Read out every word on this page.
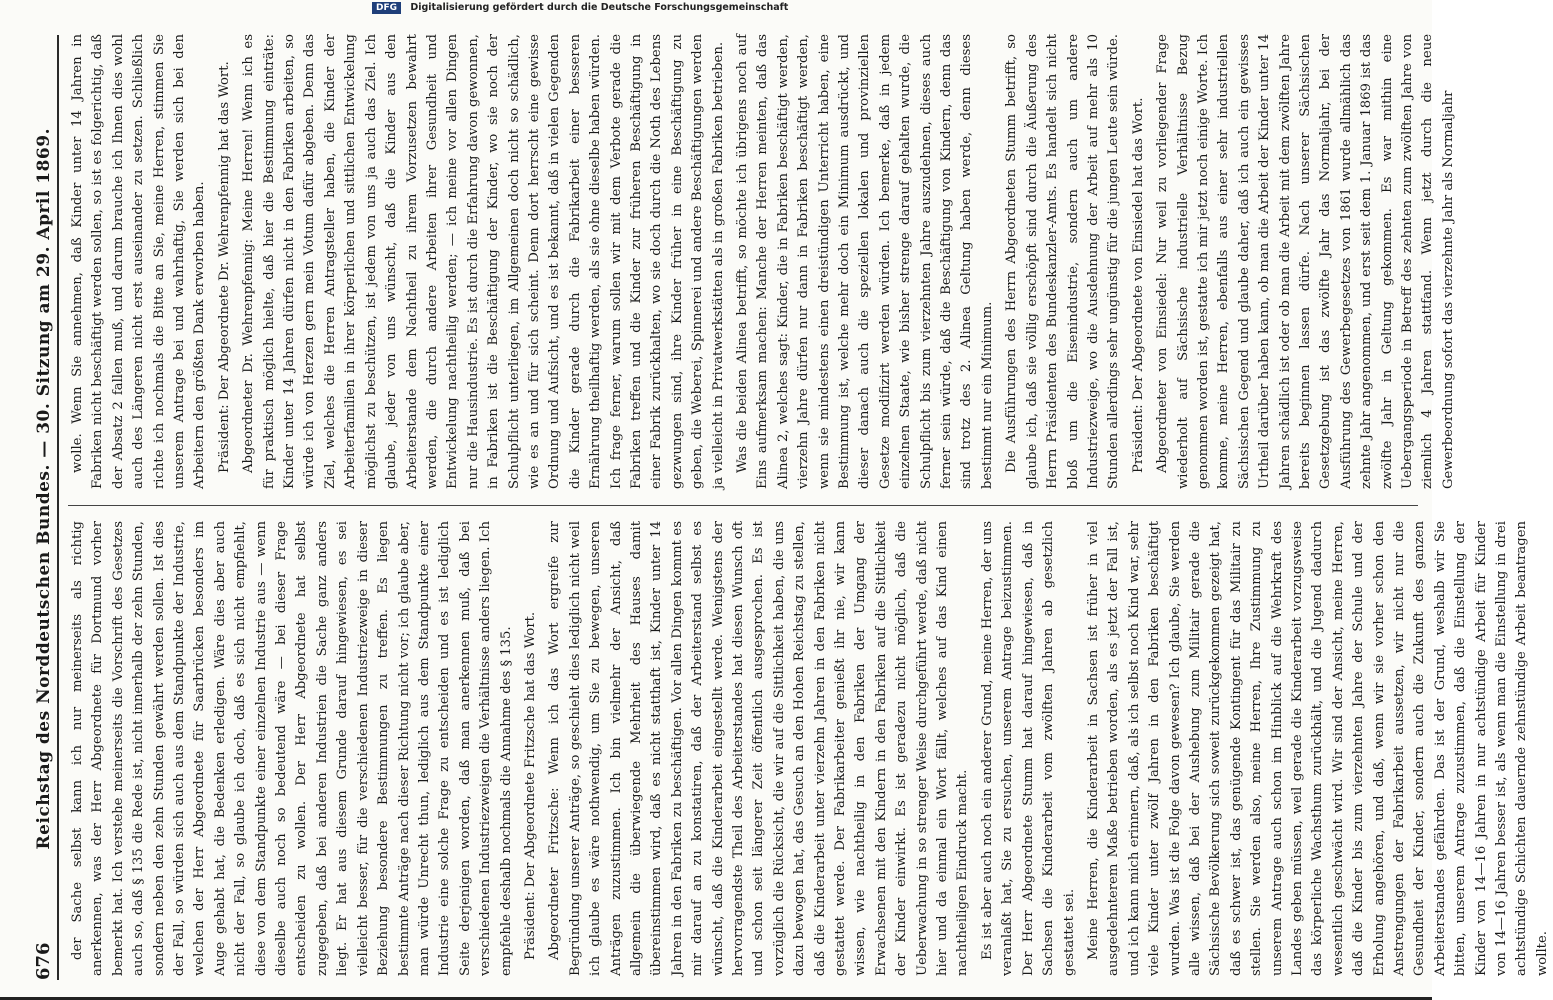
676
Reichstag des Norddeutschen Bundes. — 30. Sitzung am 29. April 1869. der Sache selbst kann ich nur meinerseits als richtig anerkennen, was der Herr Abgeordnete für Dortmund vorher bemerkt hat. Ich verstehe meinerseits die Vorschrift des Gesetzes auch so, daß § 135 die Rede ist, nicht innerhalb der zehn Stunden, sondern neben den zehn Stunden gewährt werden sollen. Ist dies der Fall, so würden sich auch aus dem Standpunkte der Industrie, welchen der Herr Abgeordnete für Saarbrücken besonders im Auge gehabt hat, die Bedenken erledigen. Wäre dies aber auch nicht der Fall, so glaube ich doch, daß es sich nicht empfiehlt, diese von dem Standpunkte einer einzelnen Industrie aus — wenn dieselbe auch noch so bedeutend wäre — bei dieser Frage entscheiden zu wollen. Der Herr Abgeordnete hat selbst zugegeben, daß bei anderen Industrien die Sache ganz anders liegt. Er hat aus diesem Grunde darauf hingewiesen, es sei vielleicht besser, für die verschiedenen Industriezweige in dieser Beziehung besondere Bestimmungen zu treffen. Es liegen bestimmte Anträge nach dieser Richtung nicht vor; ich glaube aber, man würde Unrecht thun, lediglich aus dem Standpunkte einer Industrie eine solche Frage zu entscheiden und es ist lediglich Seite derjenigen worden, daß man anerkennen muß, daß bei verschiedenen Industriezweigen die Verhältnisse anders liegen. Ich empfehle deshalb nochmals die Annahme des § 135. Präsident: Der Abgeordnete Fritzsche hat das Wort. Abgeordneter Fritzsche: Wenn ich das Wort ergreife zur Begründung unserer Anträge, so geschieht dies lediglich nicht weil ich glaube es wäre nothwendig, um Sie zu bewegen, unseren Anträgen zuzustimmen. Ich bin vielmehr der Ansicht, daß allgemein die überwiegende Mehrheit des Hauses damit übereinstimmen wird, daß es nicht statthaft ist, Kinder unter 14 Jahren in den Fabriken zu beschäftigen. Vor allen Dingen kommt es mir darauf an zu konstatiren, daß der Arbeiterstand selbst es wünscht, daß die Kinderarbeit eingestellt werde. Wenigstens der hervorragendste Theil des Arbeiterstandes hat diesen Wunsch oft und schon seit längerer Zeit öffentlich ausgesprochen. Es ist vorzüglich die Rücksicht, die wir auf die Sittlichkeit haben, die uns dazu bewogen hat, das Gesuch an den Hohen Reichstag zu stellen, daß die Kinderarbeit unter vierzehn Jahren in den Fabriken nicht gestattet werde. Der Fabrikarbeiter genießt ihr nie, wir kann wissen, wie nachtheilig in den Fabriken der Umgang der Erwachsenen mit den Kindern in den Fabriken auf die Sittlichkeit der Kinder einwirkt. Es ist geradezu nicht möglich, daß die Ueberwachung in so strenger Weise durchgeführt werde, daß nicht hier und da einmal ein Wort fällt, welches auf das Kind einen nachtheiligen Eindruck macht. Es ist aber auch noch ein anderer Grund, meine Herren, der uns veranlaßt hat, Sie zu ersuchen, unserem Antrage beizustimmen. Der Herr Abgeordnete Stumm hat darauf hingewiesen, daß in Sachsen die Kinderarbeit vom zwölften Jahren ab gesetzlich gestattet sei. Meine Herren, die Kinderarbeit in Sachsen ist früher in viel ausgedehnterem Maße betrieben worden, als es jetzt der Fall ist, und ich kann mich erinnern, daß, als ich selbst noch Kind war, sehr viele Kinder unter zwölf Jahren in den Fabriken beschäftigt wurden. Was ist die Folge davon gewesen? Ich glaube, Sie werden alle wissen, daß bei der Aushebung zum Militair gerade die Sächsische Bevölkerung sich soweit zurückgekommen gezeigt hat, daß es schwer ist, das genügende Kontingent für das Militair zu stellen. Sie werden also, meine Herren, Ihre Zustimmung zu unserem Antrage auch schon im Hinblick auf die Wehrkraft des Landes geben müssen, weil gerade die Kinderarbeit vorzugsweise das körperliche Wachsthum zurückhält, und die Jugend dadurch wesentlich geschwächt wird. Wir sind der Ansicht, meine Herren, daß die Kinder bis zum vierzehnten Jahre der Schule und der Erholung angehören, und daß, wenn wir sie vorher schon den Anstrengungen der Fabrikarbeit aussetzen, wir nicht nur die Gesundheit der Kinder, sondern auch die Zukunft des ganzen Arbeiterstandes gefährden. Das ist der Grund, weshalb wir Sie bitten, unserem Antrage zuzustimmen, daß die Einstellung der Kinder von 14—16 Jahren in nur achtstündige Arbeit für Kinder von 14—16 Jahren besser ist, als wenn man die Einstellung in drei achtstündige Schichten dauernde zehnstündige Arbeit beantragen wollte.

wolle. Wenn Sie annehmen, daß Kinder unter 14 Jahren in Fabriken nicht beschäftigt werden sollen, so ist es folgerichtig, daß der Absatz 2 fallen muß, und darum brauche ich Ihnen dies wohl auch des Längeren nicht erst auseinander zu setzen. Schließlich richte ich nochmals die Bitte an Sie, meine Herren, stimmen Sie unserem Antrage bei und wahrhaftig, Sie werden sich bei den Arbeitern den größten Dank erworben haben. Präsident: Der Abgeordnete Dr. Wehrenpfennig hat das Wort. Abgeordneter Dr. Wehrenpfennig: Meine Herren! Wenn ich es für praktisch möglich hielte, daß hier die Bestimmung einträte: Kinder unter 14 Jahren dürfen nicht in den Fabriken arbeiten, so würde ich von Herzen gern mein Votum dafür abgeben. Denn das Ziel, welches die Herren Antragsteller haben, die Kinder der Arbeiterfamilien in ihrer körperlichen und sittlichen Entwickelung möglichst zu beschützen, ist jedem von uns ja auch das Ziel. Ich glaube, jeder von uns wünscht, daß die Kinder aus den Arbeiterstande dem Nachtheil zu ihrem Vorzusetzen bewahrt werden, die durch andere Arbeiten ihrer Gesundheit und Entwickelung nachtheilig werden; — ich meine vor allen Dingen nur die Hausindustrie. Es ist durch die Erfahrung davon gewonnen, in Fabriken ist die Beschäftigung der Kinder, wo sie noch der Schulpflicht unterliegen, im Allgemeinen doch nicht so schädlich, wie es an und für sich scheint. Denn dort herrscht eine gewisse Ordnung und Aufsicht, und es ist bekannt, daß in vielen Gegenden die Kinder gerade durch die Fabrikarbeit einer besseren Ernährung theilhaftig werden, als sie ohne dieselbe haben würden. Ich frage ferner, warum sollen wir mit dem Verbote gerade die Fabriken treffen und die Kinder zur früheren Beschäftigung in einer Fabrik zurückhalten, wo sie doch durch die Noth des Lebens gezwungen sind, ihre Kinder früher in eine Beschäftigung zu geben, die Weberei, Spinnerei und andere Beschäftigungen werden ja vielleicht in Privatwerkstätten als in großen Fabriken betrieben. Was die beiden Alinea betrifft, so möchte ich übrigens noch auf Eins aufmerksam machen: Manche der Herren meinten, daß das Alinea 2, welches sagt: Kinder, die in Fabriken beschäftigt werden, vierzehn Jahre dürfen nur dann in Fabriken beschäftigt werden, wenn sie mindestens einen dreistündigen Unterricht haben, eine Bestimmung ist, welche mehr doch ein Minimum ausdrückt, und dieser danach auch die speziellen lokalen und provinziellen Gesetze modifizirt werden würden. Ich bemerke, daß in jedem einzelnen Staate, wie bisher strenge darauf gehalten wurde, die Schulpflicht bis zum vierzehnten Jahre auszudehnen, dieses auch ferner sein würde, daß die Beschäftigung von Kindern, denn das sind trotz des 2. Alinea Geltung haben werde, denn dieses bestimmt nur ein Minimum. Die Ausführungen des Herrn Abgeordneten Stumm betrifft, so glaube ich, daß sie völlig erschöpft sind durch die Äußerung des Herrn Präsidenten des Bundeskanzler-Amts. Es handelt sich nicht bloß um die Eisenindustrie, sondern auch um andere Industriezweige, wo die Ausdehnung der Arbeit auf mehr als 10 Stunden allerdings sehr ungünstig für die jungen Leute sein würde. Präsident: Der Abgeordnete von Einsiedel hat das Wort. Abgeordneter von Einsiedel: Nur weil zu vorliegender Frage wiederholt auf Sächsische industrielle Verhältnisse Bezug genommen worden ist, gestatte ich mir jetzt noch einige Worte. Ich komme, meine Herren, ebenfalls aus einer sehr industriellen Sächsischen Gegend und glaube daher, daß ich auch ein gewisses Urtheil darüber haben kann, ob man die Arbeit der Kinder unter 14 Jahren schädlich ist oder ob man die Arbeit mit dem zwölften Jahre bereits beginnen lassen dürfe. Nach unserer Sächsischen Gesetzgebung ist das zwölfte Jahr das Normaljahr, bei der Ausführung des Gewerbegesetzes von 1861 wurde allmählich das zehnte Jahr angenommen, und erst seit dem 1. Januar 1869 ist das zwölfte Jahr in Geltung gekommen. Es war mithin eine Uebergangsperiode in Betreff des zehnten zum zwölften Jahre von ziemlich 4 Jahren stattfand. Wenn jetzt durch die neue Gewerbeordnung sofort das vierzehnte Jahr als Normaljahr

DFG Digitalisierung gefördert durch die Deutsche Forschungsgemeinschaft
